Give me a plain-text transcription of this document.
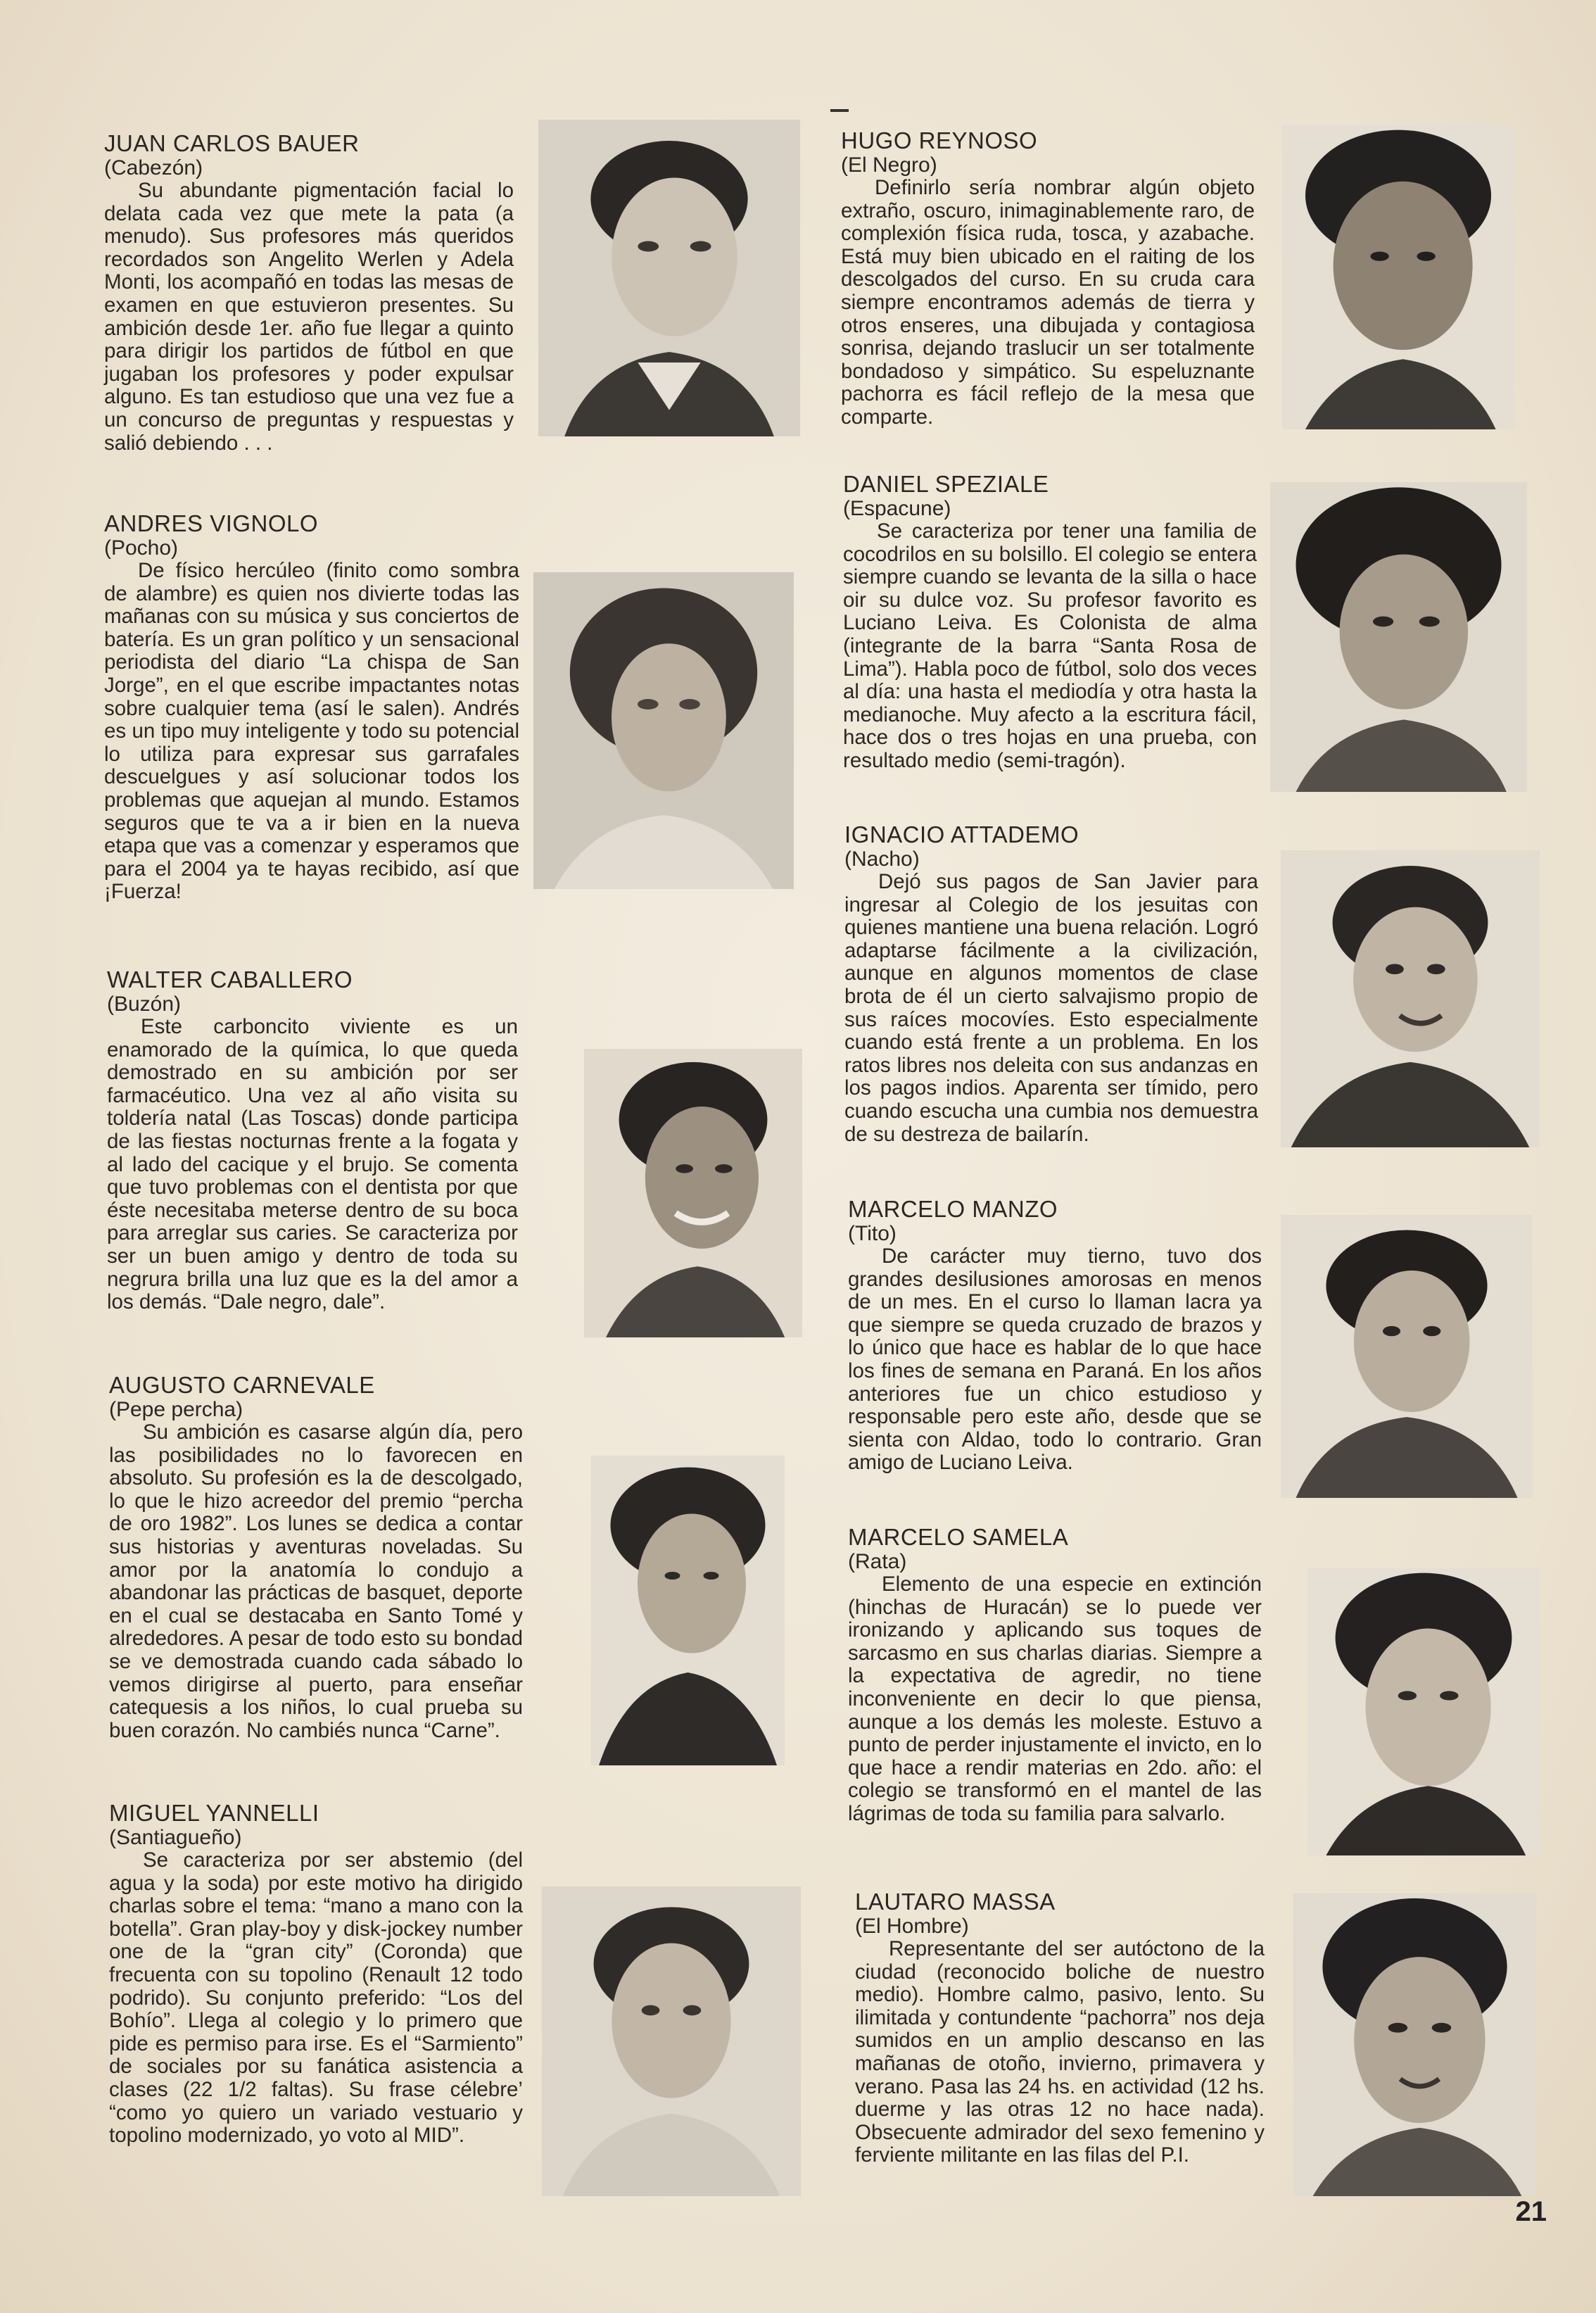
JUAN CARLOS BAUER
(Cabezón)

Su abundante pigmentación facial lo delata cada vez que mete la pata (a menudo). Sus profesores más queridos recordados son Angelito Werlen y Adela Monti, los acompañó en todas las mesas de examen en que estuvieron presentes. Su ambición desde 1er. año fue llegar a quinto para dirigir los partidos de fútbol en que jugaban los profesores y poder expulsar alguno. Es tan estudioso que una vez fue a un concurso de preguntas y respuestas y salió debiendo . . .

ANDRES VIGNOLO
(Pocho)

De físico hercúleo (finito como sombra de alambre) es quien nos divierte todas las mañanas con su música y sus conciertos de batería. Es un gran político y un sensacional periodista del diario “La chispa de San Jorge”, en el que escribe impactantes notas sobre cualquier tema (así le salen). Andrés es un tipo muy inteligente y todo su potencial lo utiliza para expresar sus garrafales descuelgues y así solucionar todos los problemas que aquejan al mundo. Estamos seguros que te va a ir bien en la nueva etapa que vas a comenzar y esperamos que para el 2004 ya te hayas recibido, así que ¡Fuerza!

WALTER CABALLERO
(Buzón)

Este carboncito viviente es un enamorado de la química, lo que queda demostrado en su ambición por ser farmacéutico. Una vez al año visita su toldería natal (Las Toscas) donde participa de las fiestas nocturnas frente a la fogata y al lado del cacique y el brujo. Se comenta que tuvo problemas con el dentista por que éste necesitaba meterse dentro de su boca para arreglar sus caries. Se caracteriza por ser un buen amigo y dentro de toda su negrura brilla una luz que es la del amor a los demás. “Dale negro, dale”.

AUGUSTO CARNEVALE
(Pepe percha)

Su ambición es casarse algún día, pero las posibilidades no lo favorecen en absoluto. Su profesión es la de descolgado, lo que le hizo acreedor del premio “percha de oro 1982”. Los lunes se dedica a contar sus historias y aventuras noveladas. Su amor por la anatomía lo condujo a abandonar las prácticas de basquet, deporte en el cual se destacaba en Santo Tomé y alrededores. A pesar de todo esto su bondad se ve demostrada cuando cada sábado lo vemos dirigirse al puerto, para enseñar catequesis a los niños, lo cual prueba su buen corazón. No cambiés nunca “Carne”.

MIGUEL YANNELLI
(Santiagueño)

Se caracteriza por ser abstemio (del agua y la soda) por este motivo ha dirigido charlas sobre el tema: “mano a mano con la botella”. Gran play-boy y disk-jockey number one de la “gran city” (Coronda) que frecuenta con su topolino (Renault 12 todo podrido). Su conjunto preferido: “Los del Bohío”. Llega al colegio y lo primero que pide es permiso para irse. Es el “Sarmiento” de sociales por su fanática asistencia a clases (22 1/2 faltas). Su frase célebre’ “como yo quiero un variado vestuario y topolino modernizado, yo voto al MID”.

HUGO REYNOSO
(El Negro)

Definirlo sería nombrar algún objeto extraño, oscuro, inimaginablemente raro, de complexión física ruda, tosca, y azabache. Está muy bien ubicado en el raiting de los descolgados del curso. En su cruda cara siempre encontramos además de tierra y otros enseres, una dibujada y contagiosa sonrisa, dejando traslucir un ser totalmente bondadoso y simpático. Su espeluznante pachorra es fácil reflejo de la mesa que comparte.

DANIEL SPEZIALE
(Espacune)

Se caracteriza por tener una familia de cocodrilos en su bolsillo. El colegio se entera siempre cuando se levanta de la silla o hace oir su dulce voz. Su profesor favorito es Luciano Leiva. Es Colonista de alma (integrante de la barra “Santa Rosa de Lima”). Habla poco de fútbol, solo dos veces al día: una hasta el mediodía y otra hasta la medianoche. Muy afecto a la escritura fácil, hace dos o tres hojas en una prueba, con resultado medio (semi-tragón).

IGNACIO ATTADEMO
(Nacho)

Dejó sus pagos de San Javier para ingresar al Colegio de los jesuitas con quienes mantiene una buena relación. Logró adaptarse fácilmente a la civilización, aunque en algunos momentos de clase brota de él un cierto salvajismo propio de sus raíces mocovíes. Esto especialmente cuando está frente a un problema. En los ratos libres nos deleita con sus andanzas en los pagos indios. Aparenta ser tímido, pero cuando escucha una cumbia nos demuestra de su destreza de bailarín.

MARCELO MANZO
(Tito)

De carácter muy tierno, tuvo dos grandes desilusiones amorosas en menos de un mes. En el curso lo llaman lacra ya que siempre se queda cruzado de brazos y lo único que hace es hablar de lo que hace los fines de semana en Paraná. En los años anteriores fue un chico estudioso y responsable pero este año, desde que se sienta con Aldao, todo lo contrario. Gran amigo de Luciano Leiva.

MARCELO SAMELA
(Rata)

Elemento de una especie en extinción (hinchas de Huracán) se lo puede ver ironizando y aplicando sus toques de sarcasmo en sus charlas diarias. Siempre a la expectativa de agredir, no tiene inconveniente en decir lo que piensa, aunque a los demás les moleste. Estuvo a punto de perder injustamente el invicto, en lo que hace a rendir materias en 2do. año: el colegio se transformó en el mantel de las lágrimas de toda su familia para salvarlo.

LAUTARO MASSA
(El Hombre)

Representante del ser autóctono de la ciudad (reconocido boliche de nuestro medio). Hombre calmo, pasivo, lento. Su ilimitada y contundente “pachorra” nos deja sumidos en un amplio descanso en las mañanas de otoño, invierno, primavera y verano. Pasa las 24 hs. en actividad (12 hs. duerme y las otras 12 no hace nada). Obsecuente admirador del sexo femenino y ferviente militante en las filas del P.I.

21
